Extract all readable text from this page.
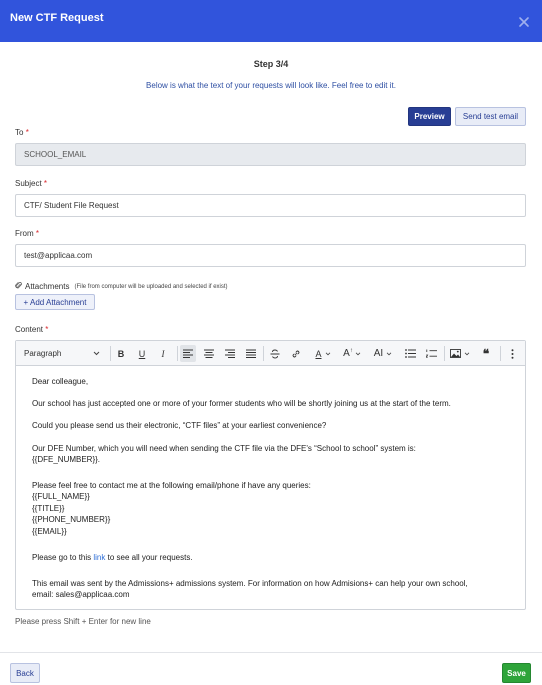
New CTF Request
Step 3/4
Below is what the text of your requests will look like. Feel free to edit it.
Preview	Send test email
To *
SCHOOL_EMAIL
Subject *
CTF/ Student File Request
From *
test@applicaa.com
Attachments (File from computer will be uploaded and selected if exist)
+ Add Attachment
Content *
Paragraph	B	U	I	A A ↑ AI	❝

Dear colleague,

Our school has just accepted one or more of your former students who will be shortly joining us at the start of the term.

Could you please send us their electronic, “CTF files” at your earliest convenience?

Our DFE Number, which you will need when sending the CTF file via the DFE's “School to school” system is:

{{DFE_NUMBER}}.

Please feel free to contact me at the following email/phone if have any queries:

{{FULL_NAME}}

{{TITLE}}

{{PHONE_NUMBER}}

{{EMAIL}}

Please go to this link to see all your requests.

This email was sent by the Admissions+ admissions system. For information on how Admisions+ can help your own school,

email: sales@applicaa.com

Please press Shift + Enter for new line
Back	Save
